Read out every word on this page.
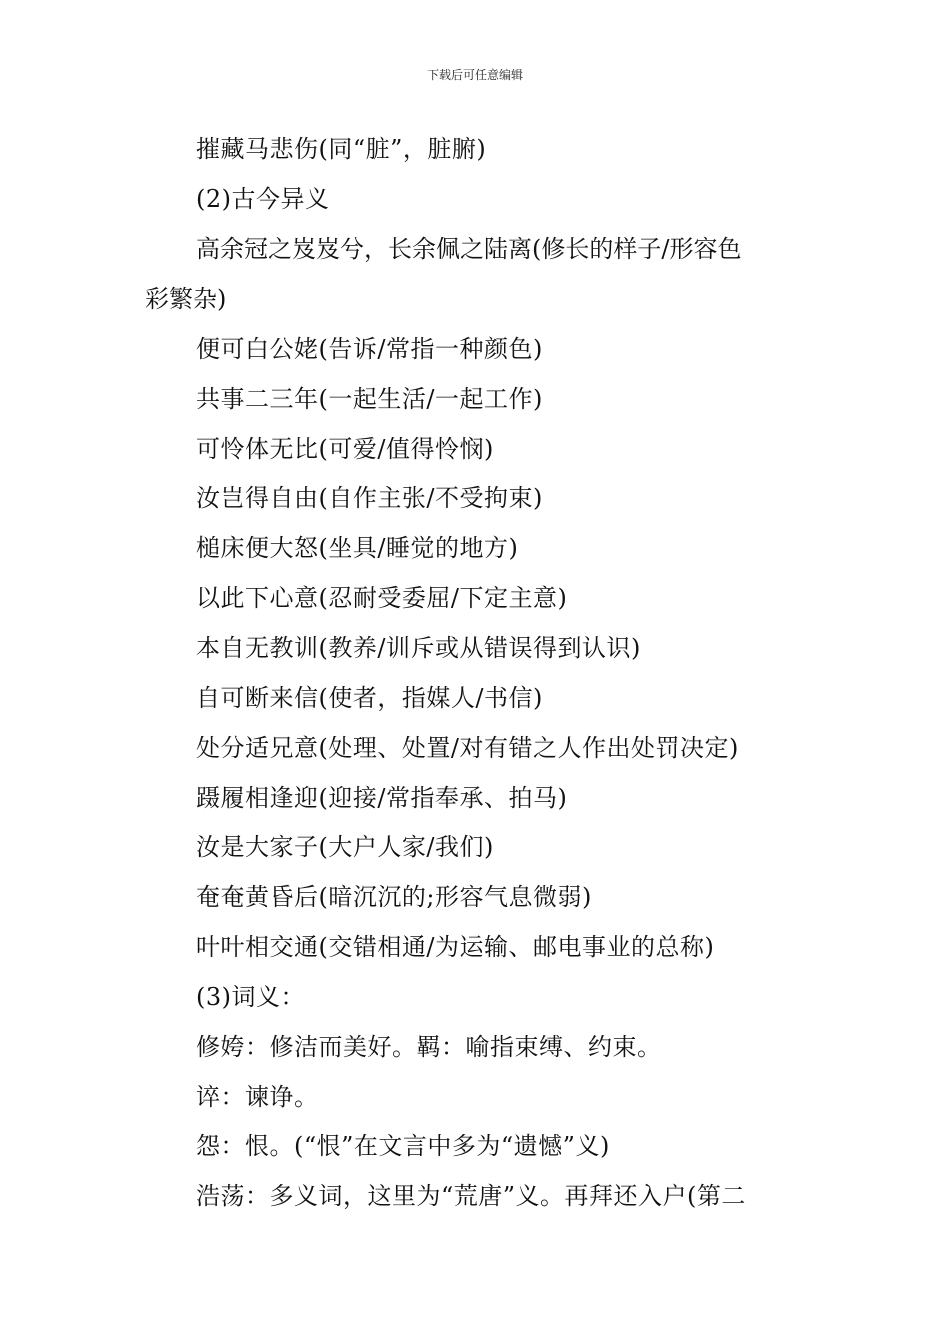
下载后可任意编辑
摧藏马悲伤(同“脏”，脏腑)
(2)古今异义
高余冠之岌岌兮，长余佩之陆离(修长的样子/形容色
彩繁杂)
便可白公姥(告诉/常指一种颜色)
共事二三年(一起生活/一起工作)
可怜体无比(可爱/值得怜悯)
汝岂得自由(自作主张/不受拘束)
槌床便大怒(坐具/睡觉的地方)
以此下心意(忍耐受委屈/下定主意)
本自无教训(教养/训斥或从错误得到认识)
自可断来信(使者，指媒人/书信)
处分适兄意(处理、处置/对有错之人作出处罚决定)
蹑履相逢迎(迎接/常指奉承、拍马)
汝是大家子(大户人家/我们)
奄奄黄昏后(暗沉沉的;形容气息微弱)
叶叶相交通(交错相通/为运输、邮电事业的总称)
(3)词义：
修姱：修洁而美好。羁：喻指束缚、约束。
谇：谏诤。
怨：恨。(“恨”在文言中多为“遗憾”义)
浩荡：多义词，这里为“荒唐”义。再拜还入户(第二
